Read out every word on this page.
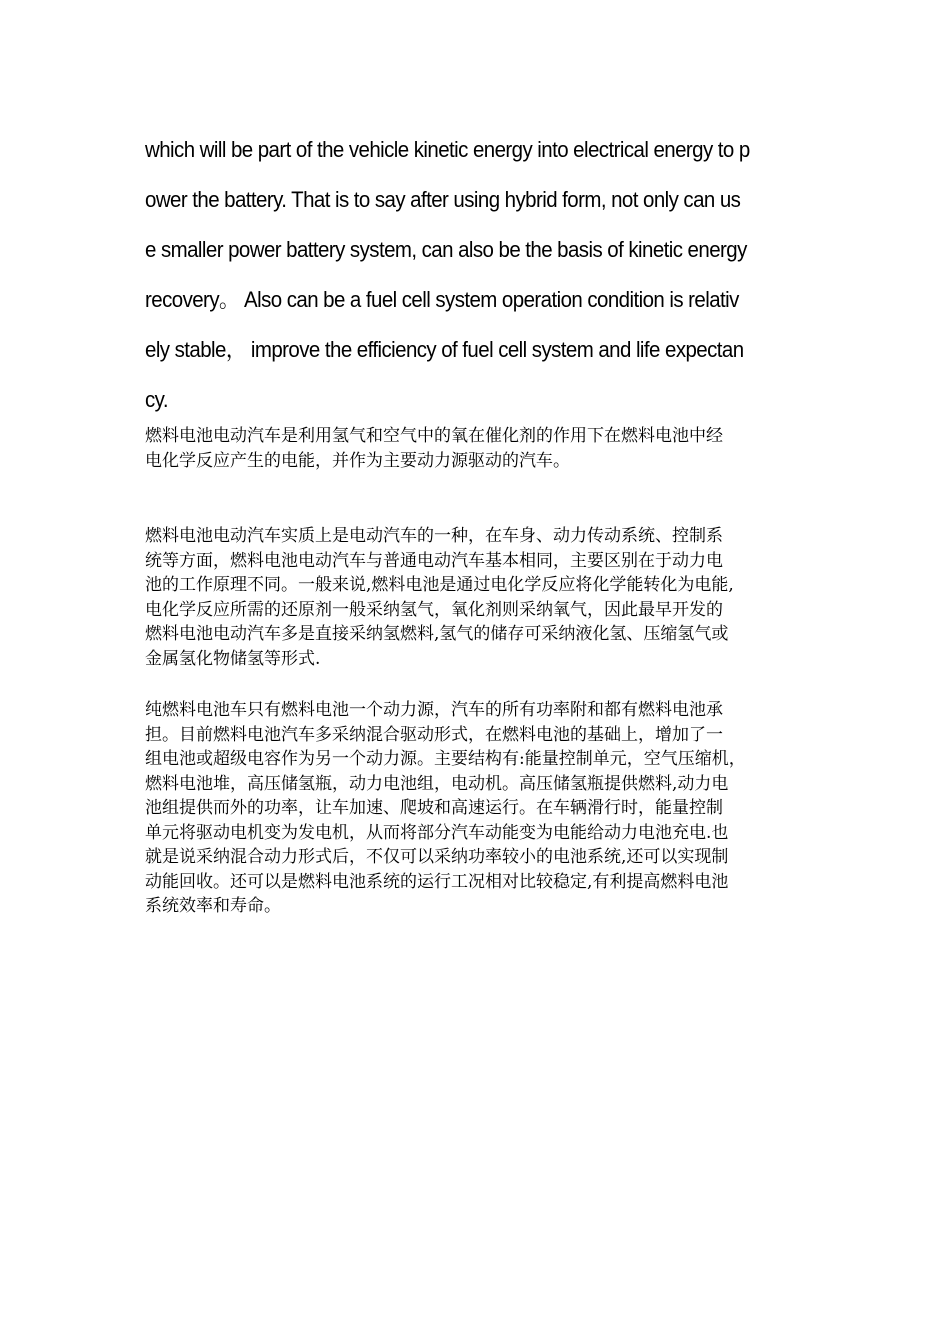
which will be part of the vehicle kinetic energy into electrical energy to p
ower the battery. That is to say after using hybrid form, not only can us
e smaller power battery system, can also be the basis of kinetic energy
recovery。 Also can be a fuel cell system operation condition is relativ
ely stable， improve the efficiency of fuel cell system and life expectan
cy.
燃料电池电动汽车是利用氢气和空气中的氧在催化剂的作用下在燃料电池中经
电化学反应产生的电能，并作为主要动力源驱动的汽车。
燃料电池电动汽车实质上是电动汽车的一种，在车身、动力传动系统、控制系
统等方面，燃料电池电动汽车与普通电动汽车基本相同，主要区别在于动力电
池的工作原理不同。一般来说,燃料电池是通过电化学反应将化学能转化为电能,
电化学反应所需的还原剂一般采纳氢气，氧化剂则采纳氧气，因此最早开发的
燃料电池电动汽车多是直接采纳氢燃料,氢气的储存可采纳液化氢、压缩氢气或
金属氢化物储氢等形式.
纯燃料电池车只有燃料电池一个动力源，汽车的所有功率附和都有燃料电池承
担。目前燃料电池汽车多采纳混合驱动形式，在燃料电池的基础上，增加了一
组电池或超级电容作为另一个动力源。主要结构有:能量控制单元，空气压缩机，
燃料电池堆，高压储氢瓶，动力电池组，电动机。高压储氢瓶提供燃料,动力电
池组提供而外的功率，让车加速、爬坡和高速运行。在车辆滑行时，能量控制
单元将驱动电机变为发电机，从而将部分汽车动能变为电能给动力电池充电.也
就是说采纳混合动力形式后，不仅可以采纳功率较小的电池系统,还可以实现制
动能回收。还可以是燃料电池系统的运行工况相对比较稳定,有利提高燃料电池
系统效率和寿命。
